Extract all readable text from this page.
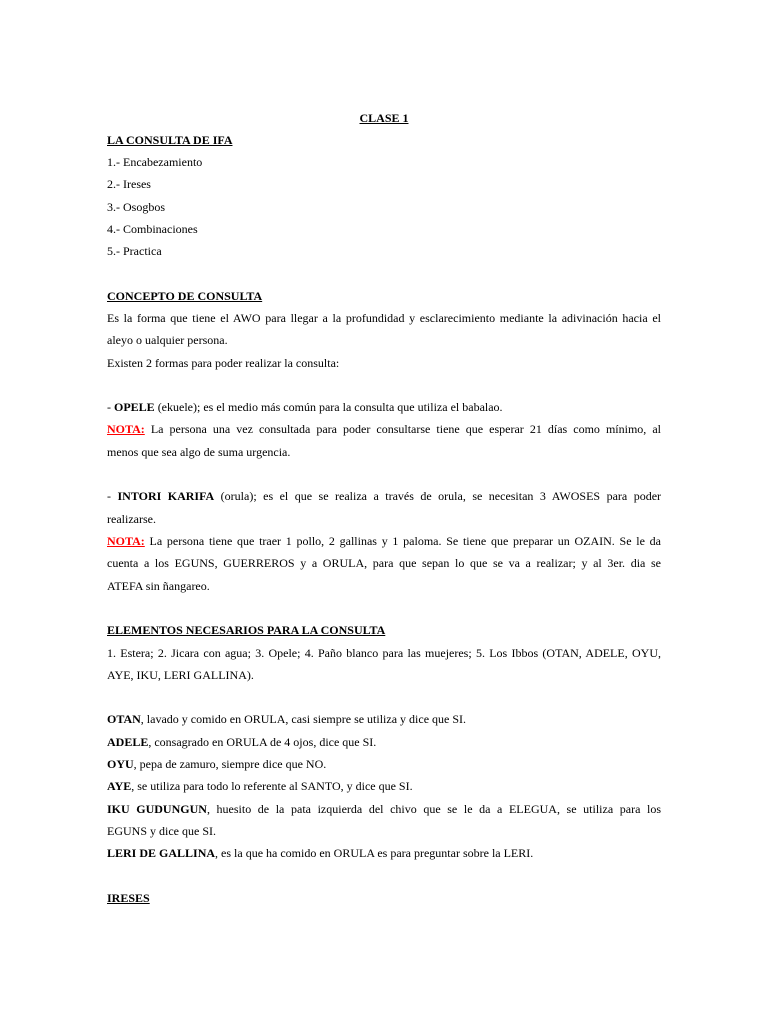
CLASE 1
LA CONSULTA DE IFA
1.- Encabezamiento
2.- Ireses
3.- Osogbos
4.- Combinaciones
5.- Practica
CONCEPTO DE CONSULTA
Es la forma que tiene el AWO para llegar a la profundidad y esclarecimiento mediante la adivinación hacia el
aleyo o ualquier persona.
Existen 2 formas para poder realizar la consulta:
- OPELE (ekuele); es el medio más común para la consulta que utiliza el babalao.
NOTA: La persona una vez consultada para poder consultarse tiene que esperar 21 días como mínimo, al
menos que sea algo de suma urgencia.
- INTORI KARIFA (orula); es el que se realiza a través de orula, se necesitan 3 AWOSES para poder
realizarse.
NOTA: La persona tiene que traer 1 pollo, 2 gallinas y 1 paloma. Se tiene que preparar un OZAIN. Se le da
cuenta a los EGUNS, GUERREROS y a ORULA, para que sepan lo que se va a realizar; y al 3er. dia se
ATEFA sin ñangareo.
ELEMENTOS NECESARIOS PARA LA CONSULTA
1. Estera; 2. Jicara con agua; 3. Opele; 4. Paño blanco para las muejeres; 5. Los Ibbos (OTAN, ADELE, OYU,
AYE, IKU, LERI GALLINA).
OTAN, lavado y comido en ORULA, casi siempre se utiliza y dice que SI.
ADELE, consagrado en ORULA de 4 ojos, dice que SI.
OYU, pepa de zamuro, siempre dice que NO.
AYE, se utiliza para todo lo referente al SANTO, y dice que SI.
IKU GUDUNGUN, huesito de la pata izquierda del chivo que se le da a ELEGUA, se utiliza para los
EGUNS y dice que SI.
LERI DE GALLINA, es la que ha comido en ORULA es para preguntar sobre la LERI.
IRESES
